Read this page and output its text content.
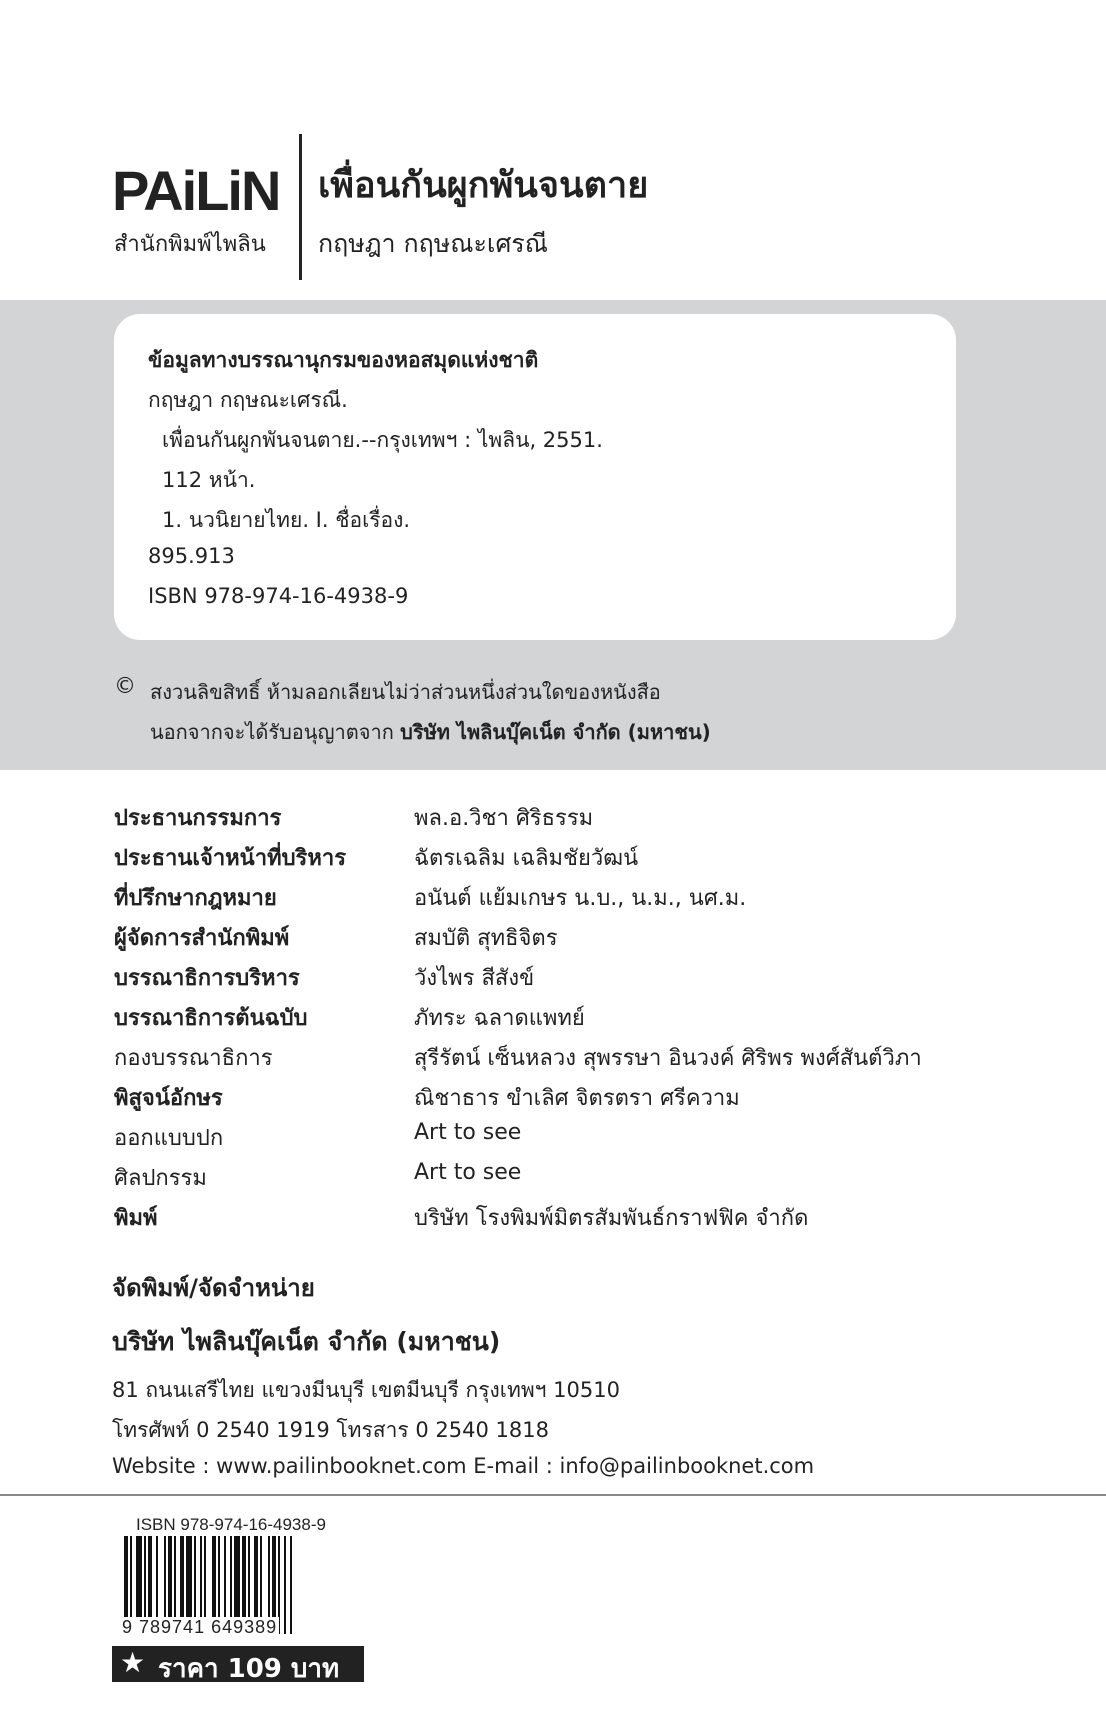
PAiLiN
สำนักพิมพ์ไพลิน
เพื่อนกันผูกพันจนตาย
กฤษฎา กฤษณะเศรณี
ข้อมูลทางบรรณานุกรมของหอสมุดแห่งชาติ
กฤษฎา กฤษณะเศรณี.
เพื่อนกันผูกพันจนตาย.--กรุงเทพฯ : ไพลิน, 2551.
112 หน้า.
1. นวนิยายไทย. I. ชื่อเรื่อง.
895.913
ISBN 978-974-16-4938-9
© สงวนลิขสิทธิ์ ห้ามลอกเลียนไม่ว่าส่วนหนึ่งส่วนใดของหนังสือ
นอกจากจะได้รับอนุญาตจาก บริษัท ไพลินบุ๊คเน็ต จำกัด (มหาชน)
ประธานกรรมการ	พล.อ.วิชา ศิริธรรม
ประธานเจ้าหน้าที่บริหาร	ฉัตรเฉลิม เฉลิมชัยวัฒน์
ที่ปรึกษากฎหมาย	อนันต์ แย้มเกษร น.บ., น.ม., นศ.ม.
ผู้จัดการสำนักพิมพ์	สมบัติ สุทธิจิตร
บรรณาธิการบริหาร	วังไพร สีสังข์
บรรณาธิการต้นฉบับ	ภัทระ ฉลาดแพทย์
กองบรรณาธิการ	สุรีรัตน์ เซ็นหลวง สุพรรษา อินวงค์ ศิริพร พงศ์สันต์วิภา
พิสูจน์อักษร	ณิชาธาร ขำเลิศ จิตรตรา ศรีความ
ออกแบบปก	Art to see
ศิลปกรรม	Art to see
พิมพ์	บริษัท โรงพิมพ์มิตรสัมพันธ์กราฟฟิค จำกัด
จัดพิมพ์/จัดจำหน่าย
บริษัท ไพลินบุ๊คเน็ต จำกัด (มหาชน)
81 ถนนเสรีไทย แขวงมีนบุรี เขตมีนบุรี กรุงเทพฯ 10510
โทรศัพท์ 0 2540 1919 โทรสาร 0 2540 1818
Website : www.pailinbooknet.com E-mail : info@pailinbooknet.com
ISBN 978-974-16-4938-9
9 789741 649389
★ ราคา 109 บาท
